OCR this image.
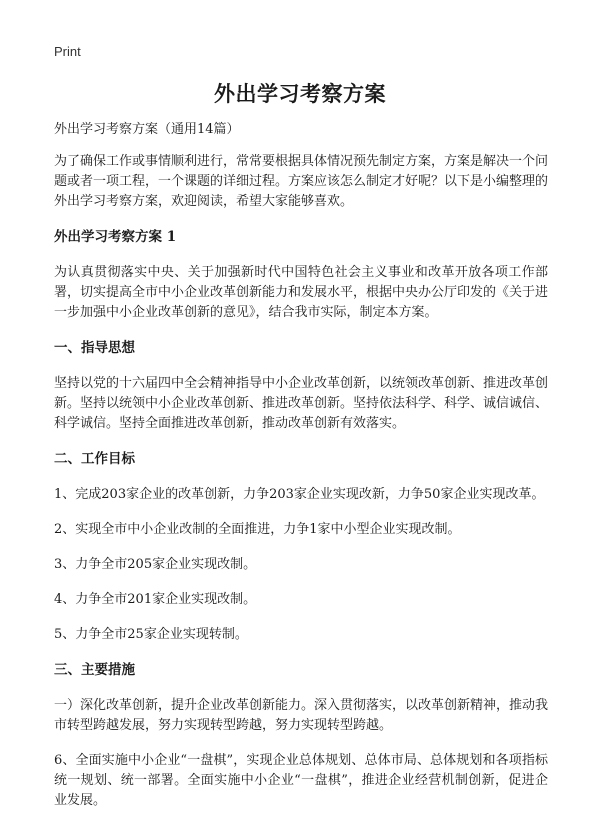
Print
外出学习考察方案
外出学习考察方案（通用14篇）

为了确保工作或事情顺利进行，常常要根据具体情况预先制定方案，方案是解决一个问题或者一项工程，一个课题的详细过程。方案应该怎么制定才好呢？以下是小编整理的外出学习考察方案，欢迎阅读，希望大家能够喜欢。

外出学习考察方案 1

为认真贯彻落实中央、关于加强新时代中国特色社会主义事业和改革开放各项工作部署，切实提高全市中小企业改革创新能力和发展水平，根据中央办公厅印发的《关于进一步加强中小企业改革创新的意见》，结合我市实际，制定本方案。

一、指导思想

坚持以党的十六届四中全会精神指导中小企业改革创新，以统领改革创新、推进改革创新。坚持以统领中小企业改革创新、推进改革创新。坚持依法科学、科学、诚信诚信、科学诚信。坚持全面推进改革创新，推动改革创新有效落实。

二、工作目标
1、完成203家企业的改革创新，力争203家企业实现改新，力争50家企业实现改革。
2、实现全市中小企业改制的全面推进，力争1家中小型企业实现改制。
3、力争全市205家企业实现改制。
4、力争全市201家企业实现改制。
5、力争全市25家企业实现转制。
三、主要措施

一）深化改革创新，提升企业改革创新能力。深入贯彻落实，以改革创新精神，推动我市转型跨越发展，努力实现转型跨越，努力实现转型跨越。

6、全面实施中小企业“一盘棋”，实现企业总体规划、总体市局、总体规划和各项指标统一规划、统一部署。全面实施中小企业“一盘棋”，推进企业经营机制创新，促进企业发展。
